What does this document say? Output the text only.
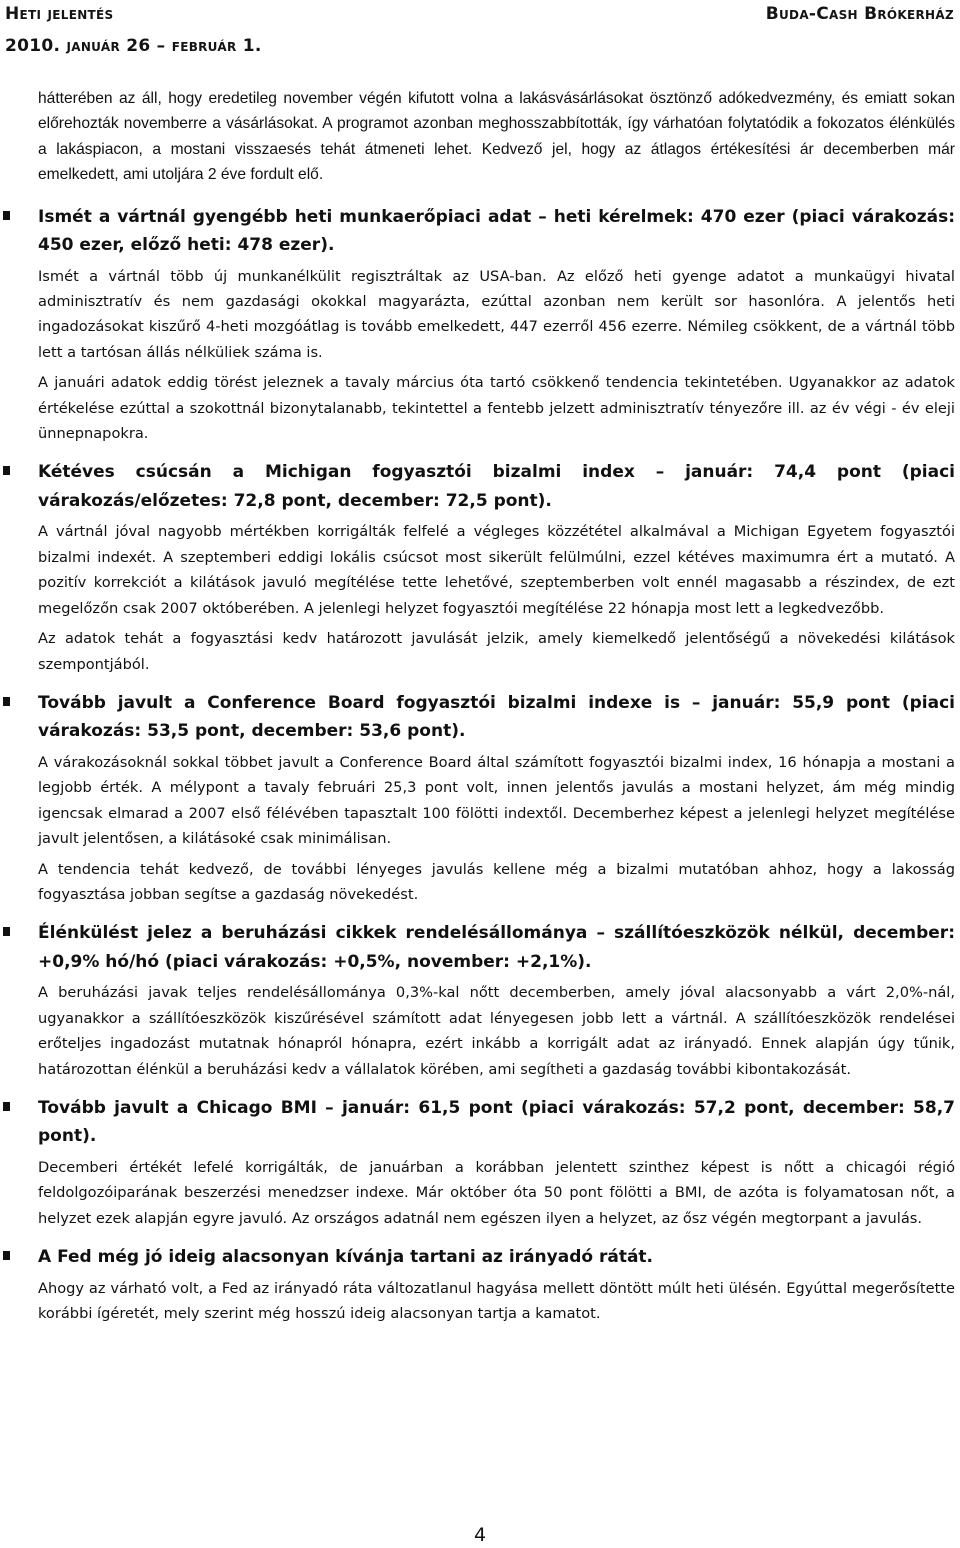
Heti jelentés
2010. január 26 – február 1.
Buda-Cash Brókerház

hátterében az áll, hogy eredetileg november végén kifutott volna a lakásvásárlásokat ösztönző adókedvezmény, és emiatt sokan előrehozták novemberre a vásárlásokat. A programot azonban meghosszabbították, így várhatóan folytatódik a fokozatos élénkülés a lakáspiacon, a mostani visszaesés tehát átmeneti lehet. Kedvező jel, hogy az átlagos értékesítési ár decemberben már emelkedett, ami utoljára 2 éve fordult elő.

Ismét a vártnál gyengébb heti munkaerőpiaci adat – heti kérelmek: 470 ezer (piaci várakozás: 450 ezer, előző heti: 478 ezer).

Ismét a vártnál több új munkanélkülit regisztráltak az USA-ban. Az előző heti gyenge adatot a munkaügyi hivatal adminisztratív és nem gazdasági okokkal magyarázta, ezúttal azonban nem került sor hasonlóra. A jelentős heti ingadozásokat kiszűrő 4-heti mozgóátlag is tovább emelkedett, 447 ezerről 456 ezerre. Némileg csökkent, de a vártnál több lett a tartósan állás nélküliek száma is.

A januári adatok eddig törést jeleznek a tavaly március óta tartó csökkenő tendencia tekintetében. Ugyanakkor az adatok értékelése ezúttal a szokottnál bizonytalanabb, tekintettel a fentebb jelzett adminisztratív tényezőre ill. az év végi - év eleji ünnepnapokra.

Kétéves csúcsán a Michigan fogyasztói bizalmi index – január: 74,4 pont (piaci várakozás/előzetes: 72,8 pont, december: 72,5 pont).

A vártnál jóval nagyobb mértékben korrigálták felfelé a végleges közzététel alkalmával a Michigan Egyetem fogyasztói bizalmi indexét. A szeptemberi eddigi lokális csúcsot most sikerült felülmúlni, ezzel kétéves maximumra ért a mutató. A pozitív korrekciót a kilátások javuló megítélése tette lehetővé, szeptemberben volt ennél magasabb a részindex, de ezt megelőzőn csak 2007 októberében. A jelenlegi helyzet fogyasztói megítélése 22 hónapja most lett a legkedvezőbb.

Az adatok tehát a fogyasztási kedv határozott javulását jelzik, amely kiemelkedő jelentőségű a növekedési kilátások szempontjából.

Tovább javult a Conference Board fogyasztói bizalmi indexe is – január: 55,9 pont (piaci várakozás: 53,5 pont, december: 53,6 pont).

A várakozásoknál sokkal többet javult a Conference Board által számított fogyasztói bizalmi index, 16 hónapja a mostani a legjobb érték. A mélypont a tavaly februári 25,3 pont volt, innen jelentős javulás a mostani helyzet, ám még mindig igencsak elmarad a 2007 első félévében tapasztalt 100 fölötti indextől. Decemberhez képest a jelenlegi helyzet megítélése javult jelentősen, a kilátásoké csak minimálisan.

A tendencia tehát kedvező, de további lényeges javulás kellene még a bizalmi mutatóban ahhoz, hogy a lakosság fogyasztása jobban segítse a gazdaság növekedést.

Élénkülést jelez a beruházási cikkek rendelésállománya – szállítóeszközök nélkül, december: +0,9% hó/hó (piaci várakozás: +0,5%, november: +2,1%).

A beruházási javak teljes rendelésállománya 0,3%-kal nőtt decemberben, amely jóval alacsonyabb a várt 2,0%-nál, ugyanakkor a szállítóeszközök kiszűrésével számított adat lényegesen jobb lett a vártnál. A szállítóeszközök rendelései erőteljes ingadozást mutatnak hónapról hónapra, ezért inkább a korrigált adat az irányadó. Ennek alapján úgy tűnik, határozottan élénkül a beruházási kedv a vállalatok körében, ami segítheti a gazdaság további kibontakozását.

Tovább javult a Chicago BMI – január: 61,5 pont (piaci várakozás: 57,2 pont, december: 58,7 pont).

Decemberi értékét lefelé korrigálták, de januárban a korábban jelentett szinthez képest is nőtt a chicagói régió feldolgozóiparának beszerzési menedzser indexe. Már október óta 50 pont fölötti a BMI, de azóta is folyamatosan nőt, a helyzet ezek alapján egyre javuló. Az országos adatnál nem egészen ilyen a helyzet, az ősz végén megtorpant a javulás.

A Fed még jó ideig alacsonyan kívánja tartani az irányadó rátát.

Ahogy az várható volt, a Fed az irányadó ráta változatlanul hagyása mellett döntött múlt heti ülésén. Egyúttal megerősítette korábbi ígéretét, mely szerint még hosszú ideig alacsonyan tartja a kamatot.

4
